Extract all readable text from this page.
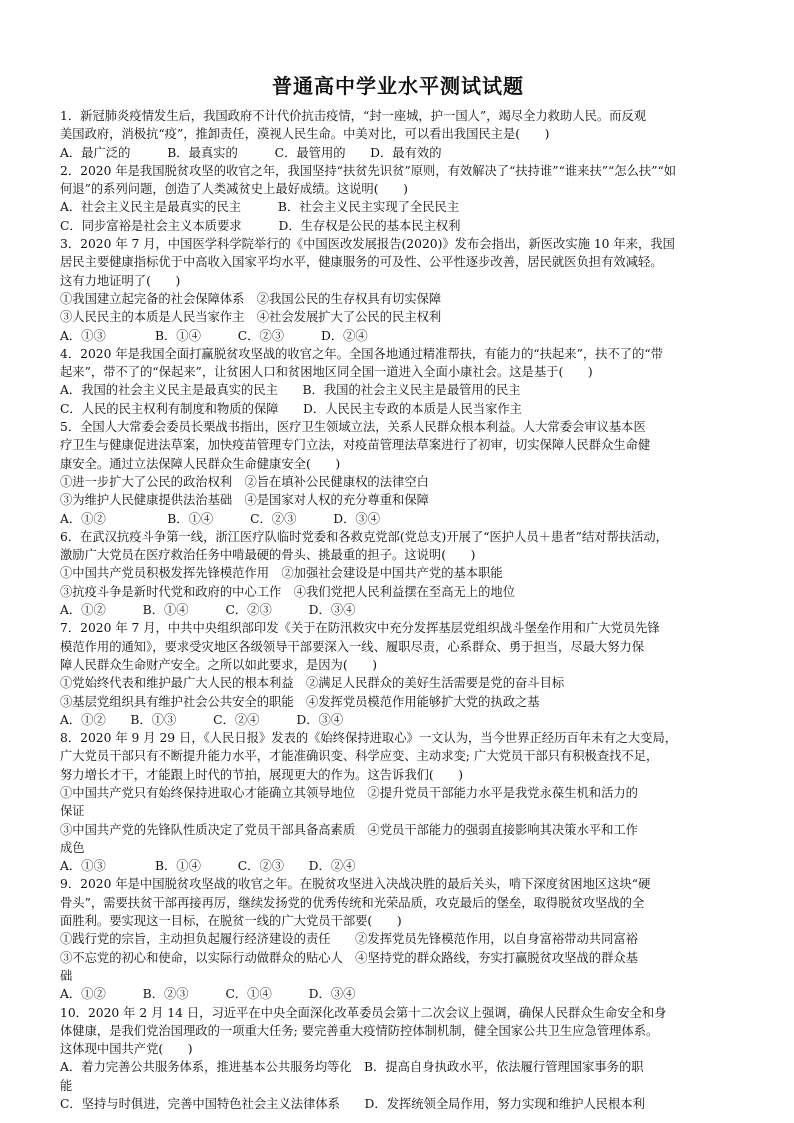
普通高中学业水平测试试题
1．新冠肺炎疫情发生后，我国政府不计代价抗击疫情，“封一座城，护一国人”，竭尽全力救助人民。而反观
美国政府，消极抗“疫”，推卸责任，漠视人民生命。中美对比，可以看出我国民主是(　　)
A．最广泛的　　　B．最真实的　　　C．最管用的　　D．最有效的
2．2020 年是我国脱贫攻坚的收官之年，我国坚持“扶贫先识贫”原则，有效解决了“扶持谁”“谁来扶”“怎么扶”“如
何退”的系列问题，创造了人类减贫史上最好成绩。这说明(　　)
A．社会主义民主是最真实的民主　　　B．社会主义民主实现了全民民主
C．同步富裕是社会主义本质要求　　　D．生存权是公民的基本民主权利
3．2020 年 7 月，中国医学科学院举行的《中国医改发展报告(2020)》发布会指出，新医改实施 10 年来，我国
居民主要健康指标优于中高收入国家平均水平，健康服务的可及性、公平性逐步改善，居民就医负担有效减轻。
这有力地证明了(　　)
①我国建立起完备的社会保障体系　②我国公民的生存权具有切实保障
③人民民主的本质是人民当家作主　④社会发展扩大了公民的民主权利
A．①③　　　　B．①④　　　C．②③　　　D．②④
4．2020 年是我国全面打赢脱贫攻坚战的收官之年。全国各地通过精准帮扶，有能力的“扶起来”，扶不了的“带
起来”，带不了的“保起来”，让贫困人口和贫困地区同全国一道进入全面小康社会。这是基于(　　)
A．我国的社会主义民主是最真实的民主　　B．我国的社会主义民主是最管用的民主
C．人民的民主权利有制度和物质的保障　　D．人民民主专政的本质是人民当家作主
5．全国人大常委会委员长栗战书指出，医疗卫生领域立法，关系人民群众根本利益。人大常委会审议基本医
疗卫生与健康促进法草案，加快疫苗管理专门立法，对疫苗管理法草案进行了初审，切实保障人民群众生命健
康安全。通过立法保障人民群众生命健康安全(　　)
①进一步扩大了公民的政治权利　②旨在填补公民健康权的法律空白
③为维护人民健康提供法治基础　④是国家对人权的充分尊重和保障
A．①②　　　　　B．①④　　　C．②③　　　D．③④
6．在武汉抗疫斗争第一线，浙江医疗队临时党委和各救克党部(党总支)开展了“医护人员＋患者”结对帮扶活动，
激励广大党员在医疗救治任务中啃最硬的骨头、挑最重的担子。这说明(　　)
①中国共产党员积极发挥先锋模范作用　②加强社会建设是中国共产党的基本职能
③抗疫斗争是新时代党和政府的中心工作　④我们党把人民利益摆在至高无上的地位
A．①②　　　B．①④　　　C．②③　　　D．③④
7．2020 年 7 月，中共中央组织部印发《关于在防汛救灾中充分发挥基层党组织战斗堡垒作用和广大党员先锋
模范作用的通知》，要求受灾地区各级领导干部要深入一线、履职尽责，心系群众、勇于担当，尽最大努力保
障人民群众生命财产安全。之所以如此要求，是因为(　　)
①党始终代表和维护最广大人民的根本利益　②满足人民群众的美好生活需要是党的奋斗目标
③基层党组织具有维护社会公共安全的职能　④发挥党员模范作用能够扩大党的执政之基
A．①②　　B．①③　　　C．②④　　　D．③④
8．2020 年 9 月 29 日，《人民日报》发表的《始终保持进取心》一文认为，当今世界正经历百年未有之大变局，
广大党员干部只有不断提升能力水平，才能准确识变、科学应变、主动求变; 广大党员干部只有积极查找不足，
努力增长才干，才能跟上时代的节拍，展现更大的作为。这告诉我们(　　)
①中国共产党只有始终保持进取心才能确立其领导地位　②提升党员干部能力水平是我党永葆生机和活力的
保证
③中国共产党的先锋队性质决定了党员干部具备高素质　④党员干部能力的强弱直接影响其决策水平和工作
成色
A．①③　　　　B．①④　　　C．②③　　D．②④
9．2020 年是中国脱贫攻坚战的收官之年。在脱贫攻坚进入决战决胜的最后关头，啃下深度贫困地区这块“硬
骨头”，需要扶贫干部再接再厉，继续发扬党的优秀传统和光荣品质，攻克最后的堡垒，取得脱贫攻坚战的全
面胜利。要实现这一目标，在脱贫一线的广大党员干部要(　　)
①践行党的宗旨，主动担负起履行经济建设的责任　　②发挥党员先锋模范作用，以自身富裕带动共同富裕
③不忘党的初心和使命，以实际行动做群众的贴心人　④坚持党的群众路线，夯实打赢脱贫攻坚战的群众基
础
A．①②　　　B．②③　　　C．①④　　　D．③④
10．2020 年 2 月 14 日，习近平在中央全面深化改革委员会第十二次会议上强调，确保人民群众生命安全和身
体健康，是我们党治国理政的一项重大任务; 要完善重大疫情防控体制机制，健全国家公共卫生应急管理体系。
这体现中国共产党(　　)
A．着力完善公共服务体系，推进基本公共服务均等化　B．提高自身执政水平，依法履行管理国家事务的职
能
C．坚持与时俱进，完善中国特色社会主义法律体系　　D．发挥统领全局作用，努力实现和维护人民根本利
